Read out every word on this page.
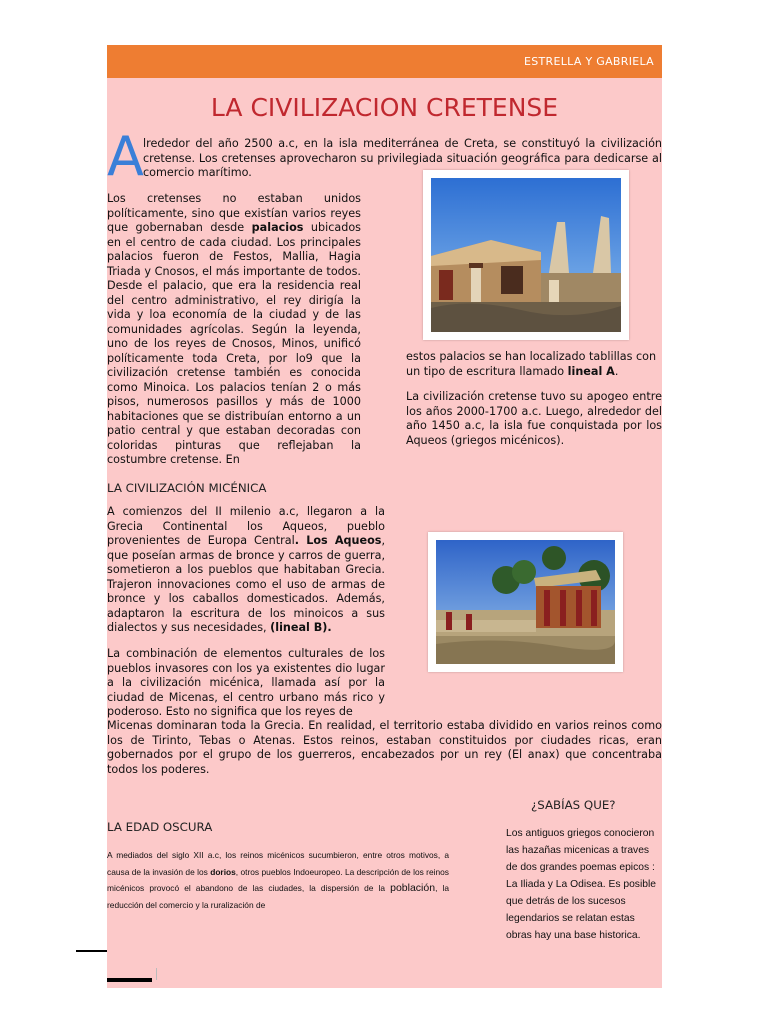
ESTRELLA Y GABRIELA
LA CIVILIZACION CRETENSE
A lrededor del año 2500 a.c, en la isla mediterránea de Creta, se constituyó la civilización cretense. Los cretenses aprovecharon su privilegiada situación geográfica para dedicarse al comercio marítimo.

Los cretenses no estaban unidos políticamente, sino que existían varios reyes que gobernaban desde palacios ubicados en el centro de cada ciudad. Los principales palacios fueron de Festos, Mallia, Hagia Triada y Cnosos, el más importante de todos. Desde el palacio, que era la residencia real del centro administrativo, el rey dirigía la vida y loa economía de la ciudad y de las comunidades agrícolas. Según la leyenda, uno de los reyes de Cnosos, Minos, unificó políticamente toda Creta, por lo9 que la civilización cretense también es conocida como Minoica. Los palacios tenían 2 o más pisos, numerosos pasillos y más de 1000 habitaciones que se distribuían entorno a un patio central y que estaban decoradas con coloridas pinturas que reflejaban la costumbre cretense. En

estos palacios se han localizado tablillas con un tipo de escritura llamado lineal A.
La civilización cretense tuvo su apogeo entre los años 2000-1700 a.c. Luego, alrededor del año 1450 a.c, la isla fue conquistada por los Aqueos (griegos micénicos).
LA CIVILIZACIÓN MICÉNICA
A comienzos del II milenio a.c, llegaron a la Grecia Continental los Aqueos, pueblo provenientes de Europa Central. Los Aqueos, que poseían armas de bronce y carros de guerra, sometieron a los pueblos que habitaban Grecia. Trajeron innovaciones como el uso de armas de bronce y los caballos domesticados. Además, adaptaron la escritura de los minoicos a sus dialectos y sus necesidades, (lineal B).
La combinación de elementos culturales de los pueblos invasores con los ya existentes dio lugar a la civilización micénica, llamada así por la ciudad de Micenas, el centro urbano más rico y poderoso. Esto no significa que los reyes de
Micenas dominaran toda la Grecia. En realidad, el territorio estaba dividido en varios reinos como los de Tirinto, Tebas o Atenas. Estos reinos, estaban constituidos por ciudades ricas, eran gobernados por el grupo de los guerreros, encabezados por un rey (El anax) que concentraba todos los poderes.
LA EDAD OSCURA
A mediados del siglo XII a.c, los reinos micénicos sucumbieron, entre otros motivos, a causa de la invasión de los dorios, otros pueblos Indoeuropeo. La descripción de los reinos micénicos provocó el abandono de las ciudades, la dispersión de la población, la reducción del comercio y la ruralización de
¿SABÍAS QUE?
Los antiguos griegos conocieron las hazañas micenicas a traves de dos grandes poemas epicos : La Iliada y La Odisea. Es posible que detrás de los sucesos legendarios se relatan estas obras hay una base historica.
